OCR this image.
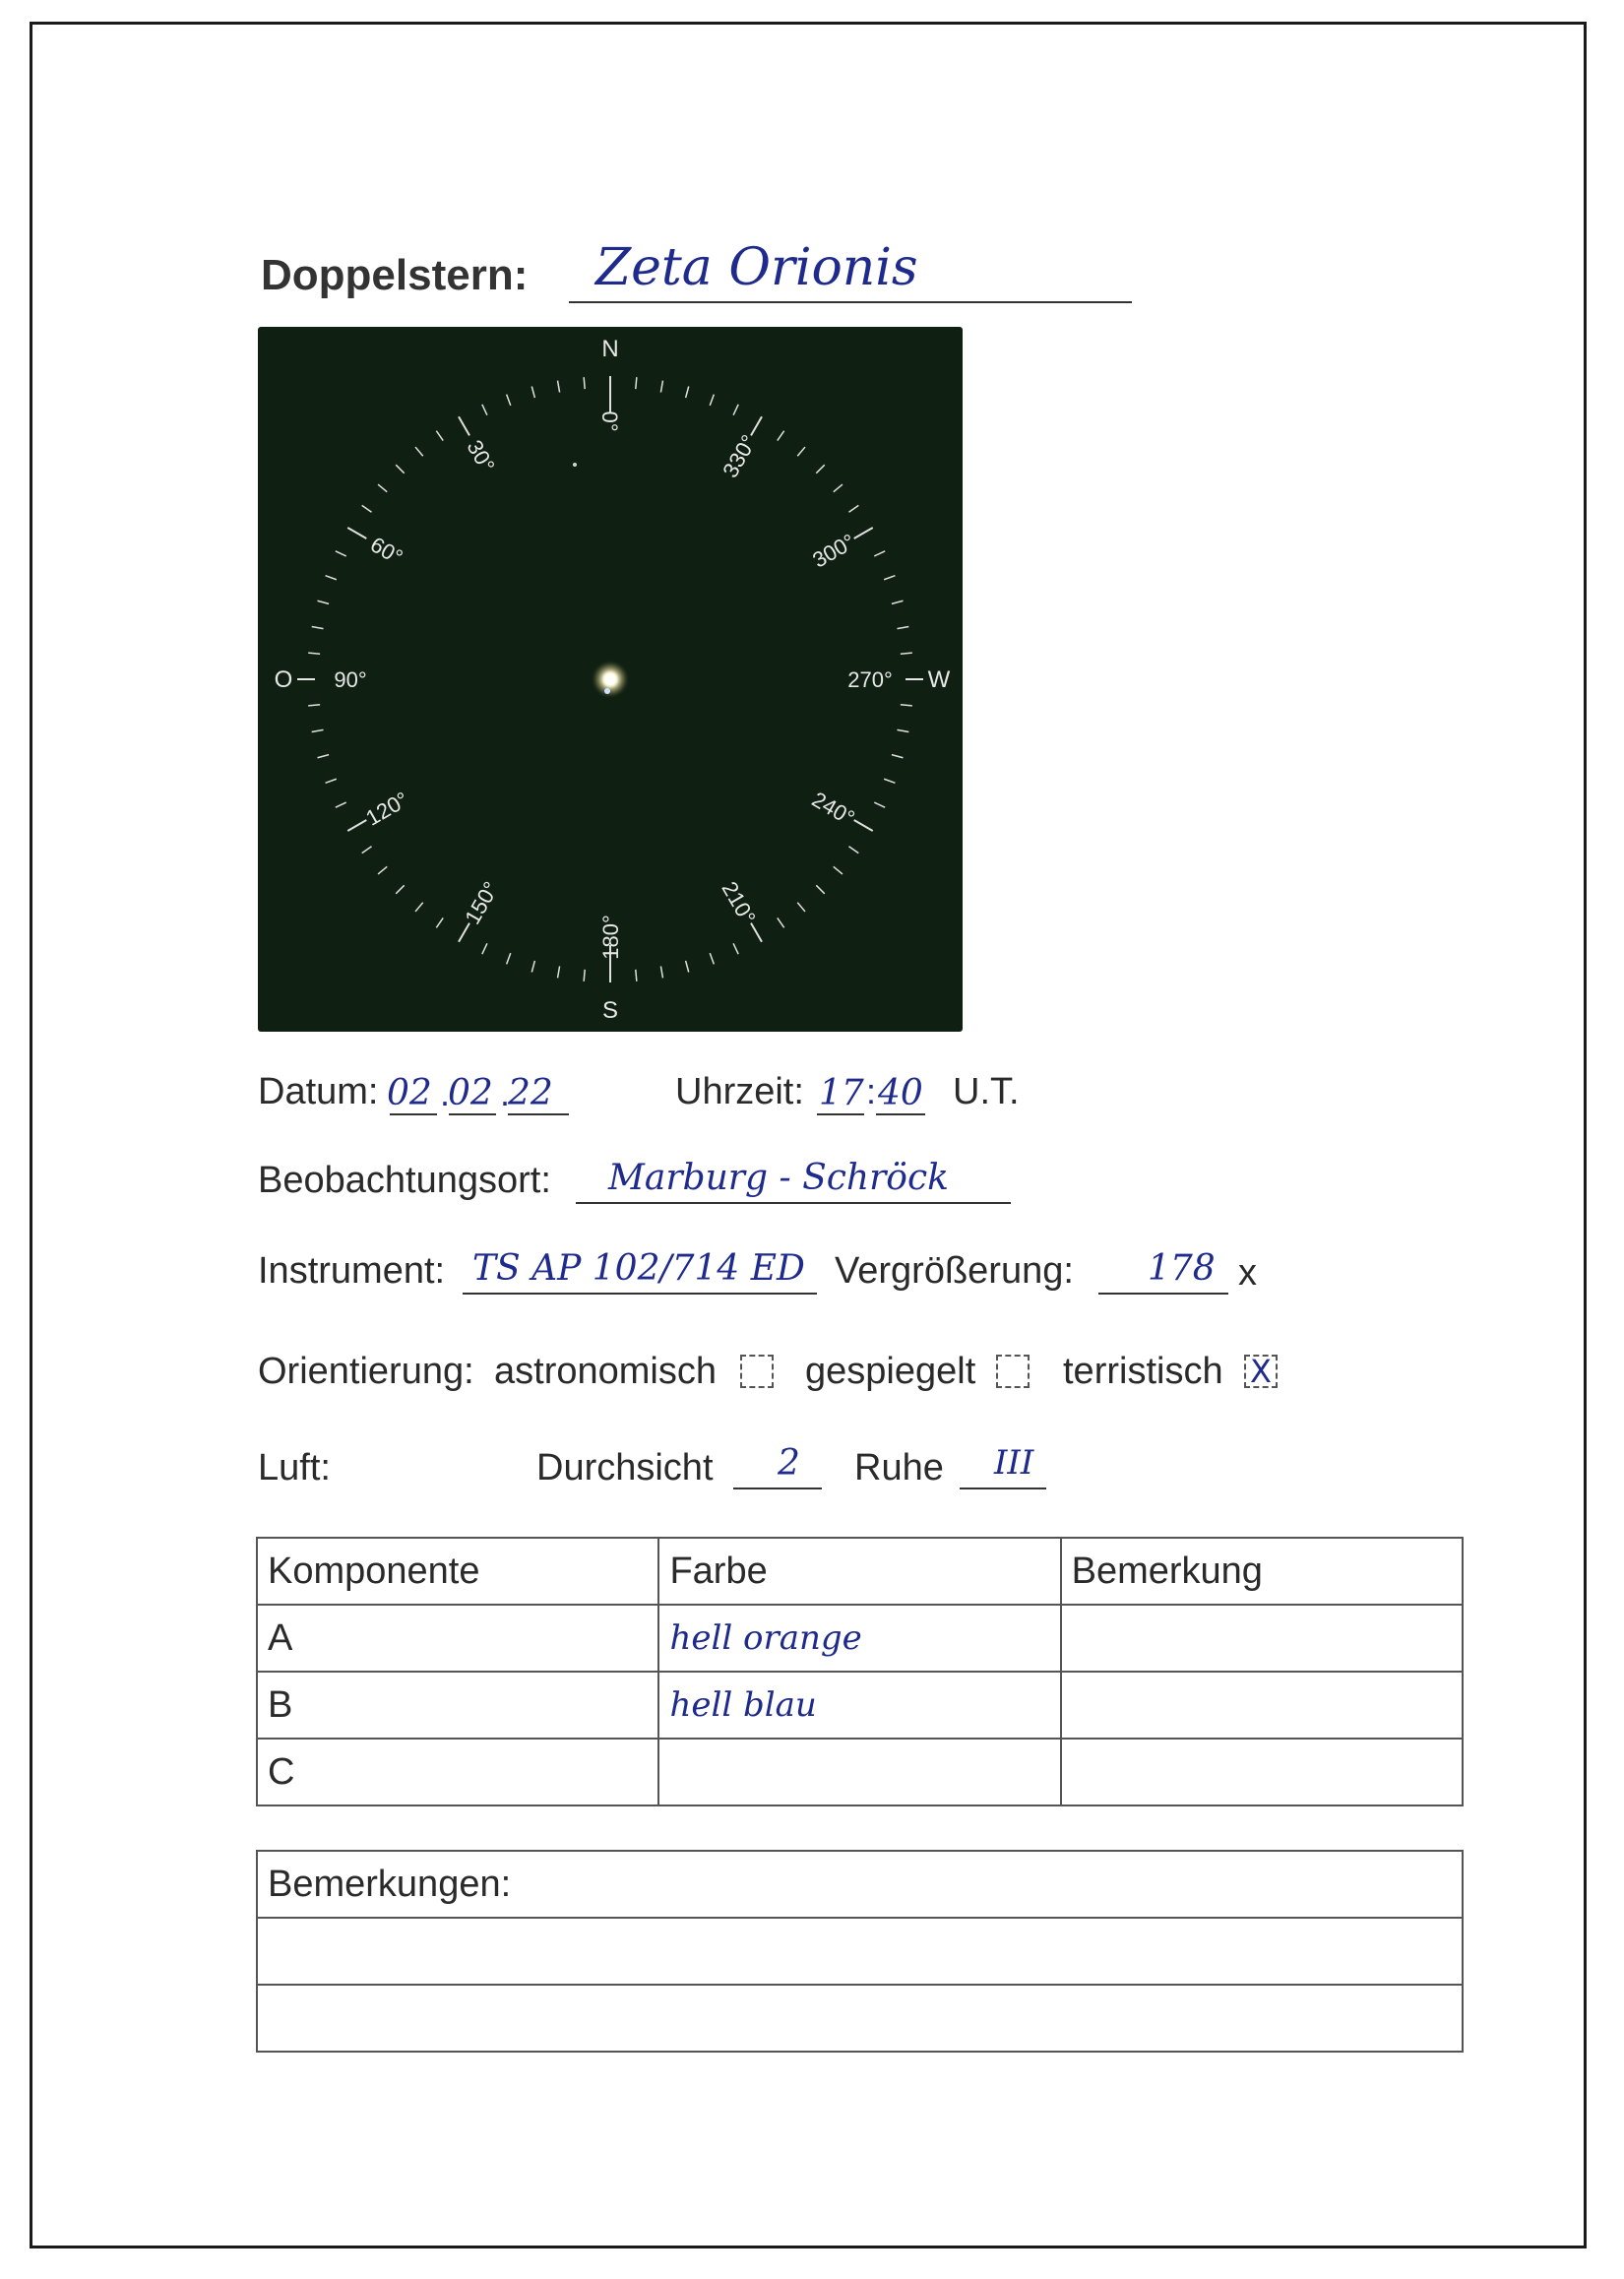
Doppelstern: Zeta Orionis
0°
30°
60°
90°
120°
150°
180°
210°
240°
270°
300°
330°
N
S
O	W
Datum: 02 .
02 .
22	Uhrzeit: 17 : 40 U.T.
Beobachtungsort: Marburg - Schröck
Instrument: TS AP 102/714 ED Vergrößerung: 178 x
Orientierung: astronomisch gespiegelt terristisch X
Luft:	Durchsicht 2 Ruhe III
Komponente	Farbe	Bemerkung
A	hell orange	
B	hell blau	
C		
Bemerkungen:
